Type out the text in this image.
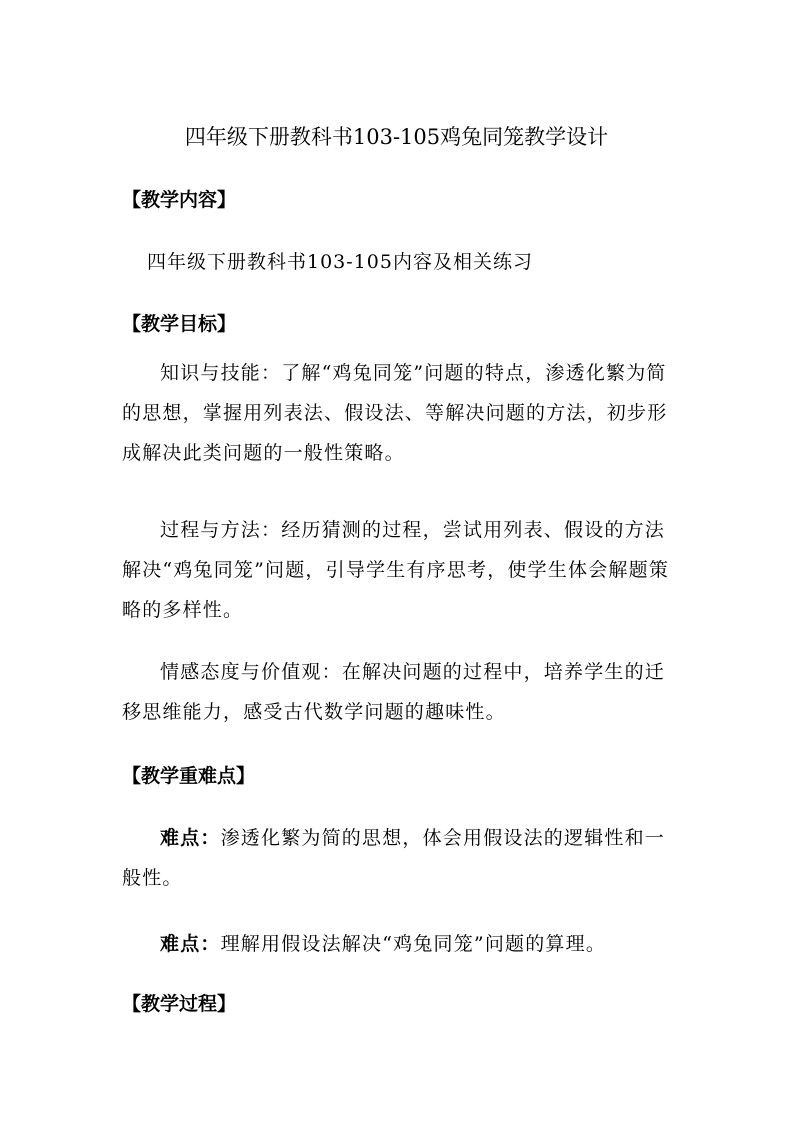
四年级下册教科书103-105鸡兔同笼教学设计
【教学内容】
四年级下册教科书103-105内容及相关练习
【教学目标】
知识与技能：了解“鸡兔同笼”问题的特点，渗透化繁为简的思想，掌握用列表法、假设法、等解决问题的方法，初步形成解决此类问题的一般性策略。
过程与方法：经历猜测的过程，尝试用列表、假设的方法解决“鸡兔同笼”问题，引导学生有序思考，使学生体会解题策略的多样性。
情感态度与价值观：在解决问题的过程中，培养学生的迁移思维能力，感受古代数学问题的趣味性。
【教学重难点】
难点：渗透化繁为简的思想，体会用假设法的逻辑性和一般性。
难点：理解用假设法解决“鸡兔同笼”问题的算理。
【教学过程】
